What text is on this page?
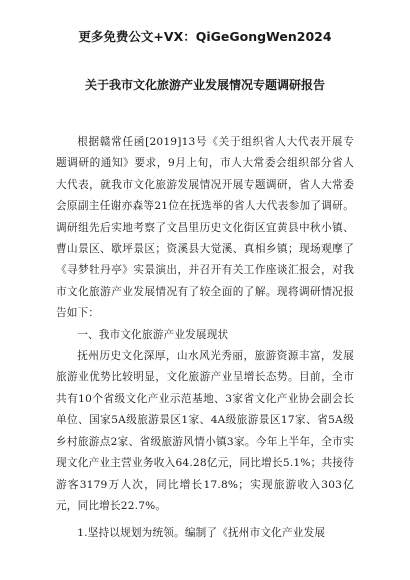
更多免费公文+VX：QiGeGongWen2024
关于我市文化旅游产业发展情况专题调研报告

根据赣常任函[2019]13号《关于组织省人大代表开展专题调研的通知》要求，9月上旬，市人大常委会组织部分省人大代表，就我市文化旅游发展情况开展专题调研，省人大常委会原副主任谢亦森等21位在抚选举的省人大代表参加了调研。调研组先后实地考察了文昌里历史文化街区宜黄县中秋小镇、曹山景区、歇坪景区；资溪县大觉溪、真相乡镇；现场观摩了《寻梦牡丹亭》实景演出，并召开有关工作座谈汇报会，对我市文化旅游产业发展情况有了较全面的了解。现将调研情况报告如下：

一、我市文化旅游产业发展现状

抚州历史文化深厚，山水风光秀丽，旅游资源丰富，发展旅游业优势比较明显，文化旅游产业呈增长态势。目前，全市共有10个省级文化产业示范基地、3家省文化产业协会副会长单位、国家5A级旅游景区1家、4A级旅游景区17家、省5A级乡村旅游点2家、省级旅游风情小镇3家。今年上半年，全市实现文化产业主营业务收入64.28亿元，同比增长5.1%；共接待游客3179万人次，同比增长17.8%；实现旅游收入303亿元，同比增长22.7%。

1.坚持以规划为统领。编制了《抚州市文化产业发展
